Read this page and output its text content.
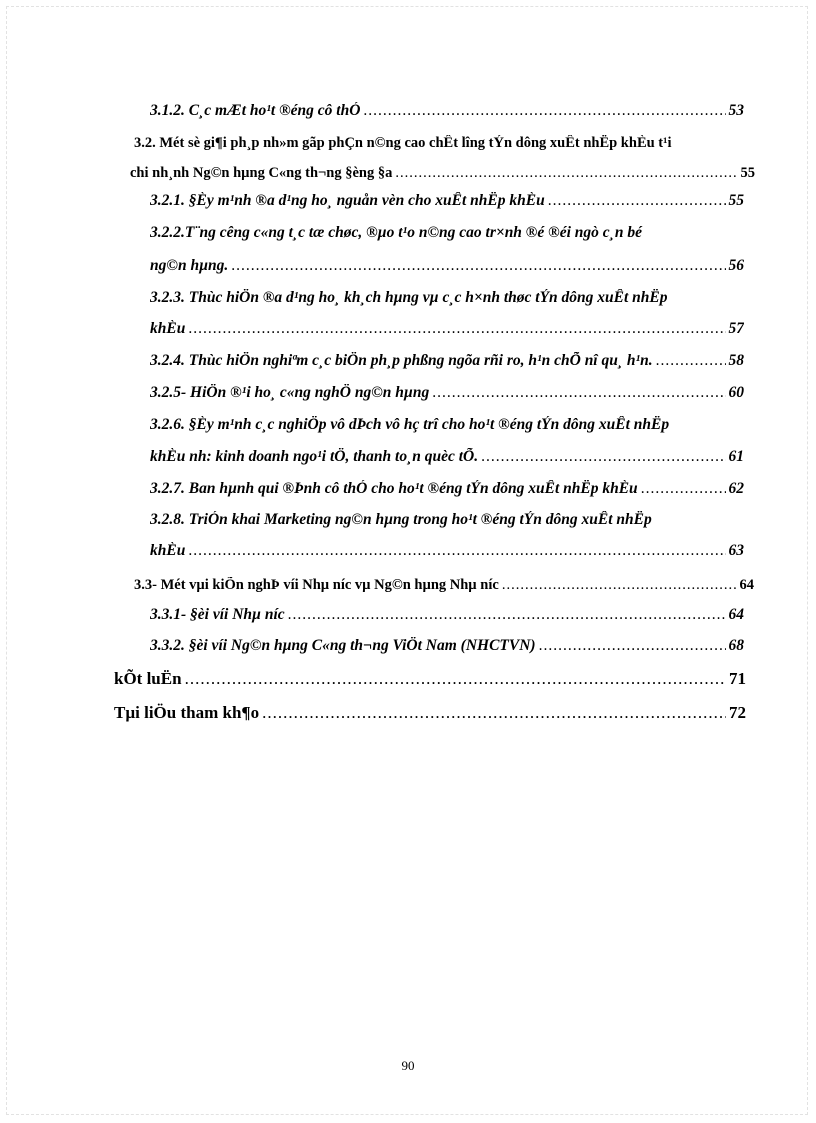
3.1.2. C¸c mÆt ho¹t ®éng cô thÓ .....	53
3.2. Mét sè gi¶i ph¸p nh»m gãp phÇn n©ng cao chÊt lîng tÝn dông xuÊt nhËp khÈu t¹i
chi nh¸nh Ng©n hµng C«ng th¬ng §èng §a .....	55
3.2.1. §Èy m¹nh ®a d¹ng ho¸ nguån vèn cho xuÊt nhËp khÈu .....	55
3.2.2.T¨ng cêng c«ng t¸c tæ chøc, ®µo t¹o n©ng cao tr×nh ®é ®éi ngò c¸n bé
ng©n hµng. .....	56
3.2.3. Thùc hiÖn ®a d¹ng ho¸ kh¸ch hµng vµ c¸c h×nh thøc tÝn dông xuÊt nhËp
khÈu .....	57
3.2.4. Thùc hiÖn nghiªm c¸c biÖn ph¸p phßng ngõa rñi ro, h¹n chÕ nî qu¸ h¹n. .....	58
3.2.5- HiÖn ®¹i ho¸ c«ng nghÖ ng©n hµng .....	60
3.2.6. §Èy m¹nh c¸c nghiÖp vô dÞch vô hç trî cho ho¹t ®éng tÝn dông xuÊt nhËp
khÈu nh: kinh doanh ngo¹i tÖ, thanh to¸n quèc tÕ. .....	61
3.2.7. Ban hµnh qui ®Þnh cô thÓ cho ho¹t ®éng tÝn dông xuÊt nhËp khÈu .....	62
3.2.8. TriÓn khai Marketing ng©n hµng trong ho¹t ®éng tÝn dông xuÊt nhËp
khÈu .....	63
3.3- Mét vµi kiÕn nghÞ víi Nhµ níc vµ Ng©n hµng Nhµ níc .....	64
3.3.1- §èi víi Nhµ níc .....	64
3.3.2. §èi víi Ng©n hµng C«ng th¬ng ViÖt Nam (NHCTVN) .....	68
kÕt luËn .....	71
Tµi liÖu tham kh¶o .....	72
90
